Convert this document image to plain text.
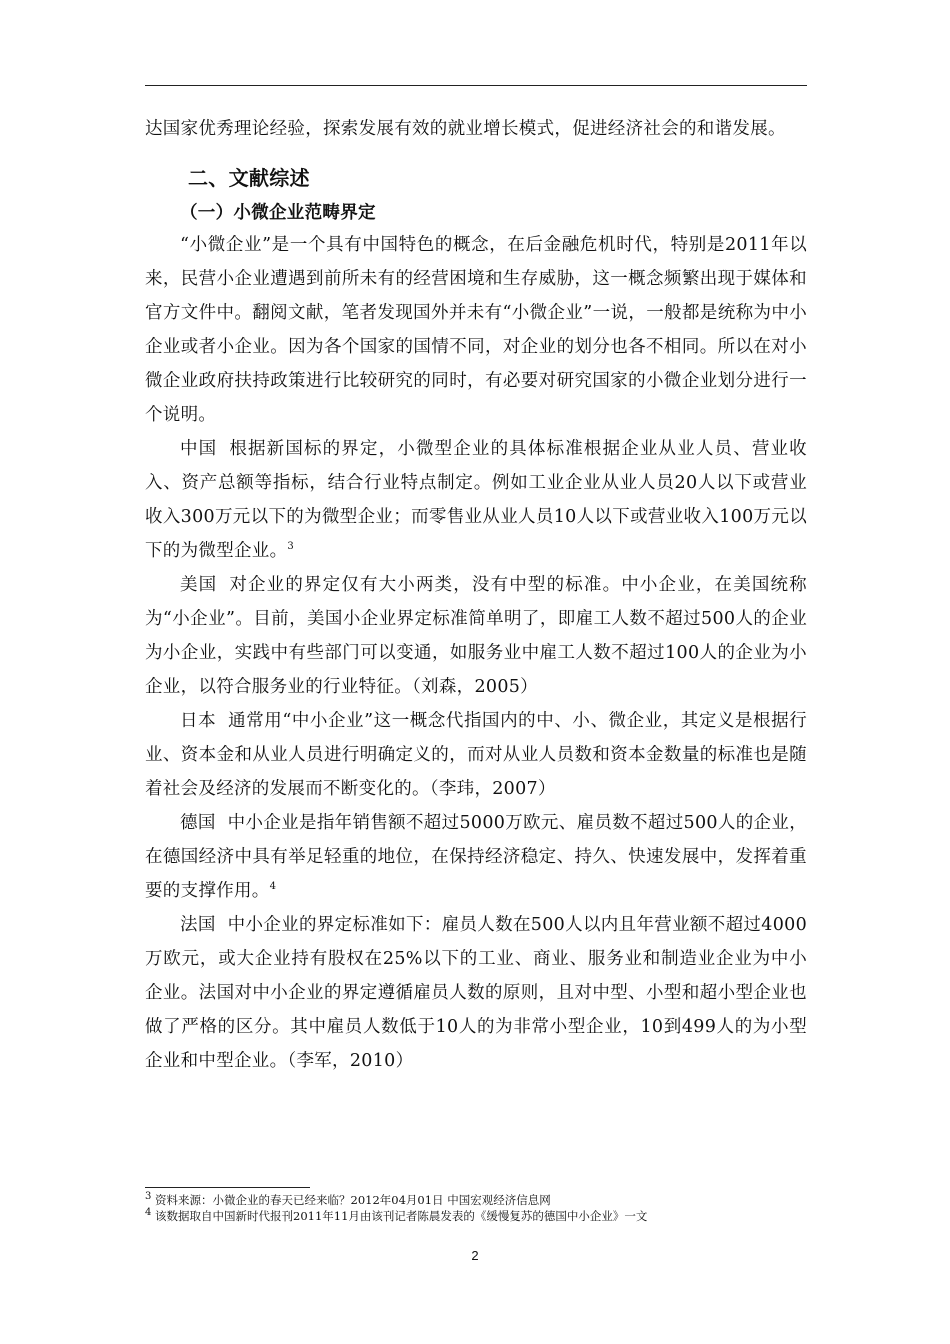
达国家优秀理论经验，探索发展有效的就业增长模式，促进经济社会的和谐发展。

二、文献综述
（一）小微企业范畴界定

“小微企业”是一个具有中国特色的概念，在后金融危机时代，特别是2011年以来，民营小企业遭遇到前所未有的经营困境和生存威胁，这一概念频繁出现于媒体和官方文件中。翻阅文献，笔者发现国外并未有“小微企业”一说，一般都是统称为中小企业或者小企业。因为各个国家的国情不同，对企业的划分也各不相同。所以在对小微企业政府扶持政策进行比较研究的同时，有必要对研究国家的小微企业划分进行一个说明。

中国 根据新国标的界定，小微型企业的具体标准根据企业从业人员、营业收入、资产总额等指标，结合行业特点制定。例如工业企业从业人员20人以下或营业收入300万元以下的为微型企业；而零售业从业人员10人以下或营业收入100万元以下的为微型企业。$^3$

美国 对企业的界定仅有大小两类，没有中型的标准。中小企业，在美国统称为“小企业”。目前，美国小企业界定标准简单明了，即雇工人数不超过500人的企业为小企业，实践中有些部门可以变通，如服务业中雇工人数不超过100人的企业为小企业，以符合服务业的行业特征。（刘森，2005）

日本 通常用“中小企业”这一概念代指国内的中、小、微企业，其定义是根据行业、资本金和从业人员进行明确定义的，而对从业人员数和资本金数量的标准也是随着社会及经济的发展而不断变化的。（李玮，2007）

德国 中小企业是指年销售额不超过5000万欧元、雇员数不超过500人的企业，在德国经济中具有举足轻重的地位，在保持经济稳定、持久、快速发展中，发挥着重要的支撑作用。$^4$

法国 中小企业的界定标准如下：雇员人数在500人以内且年营业额不超过4000万欧元，或大企业持有股权在25%以下的工业、商业、服务业和制造业企业为中小企业。法国对中小企业的界定遵循雇员人数的原则，且对中型、小型和超小型企业也做了严格的区分。其中雇员人数低于10人的为非常小型企业，10到499人的为小型企业和中型企业。（李军，2010）

$^3$ 资料来源：小微企业的春天已经来临？2012年04月01日 中国宏观经济信息网
$^4$ 该数据取自中国新时代报刊2011年11月由该刊记者陈晨发表的《缓慢复苏的德国中小企业》一文
2
